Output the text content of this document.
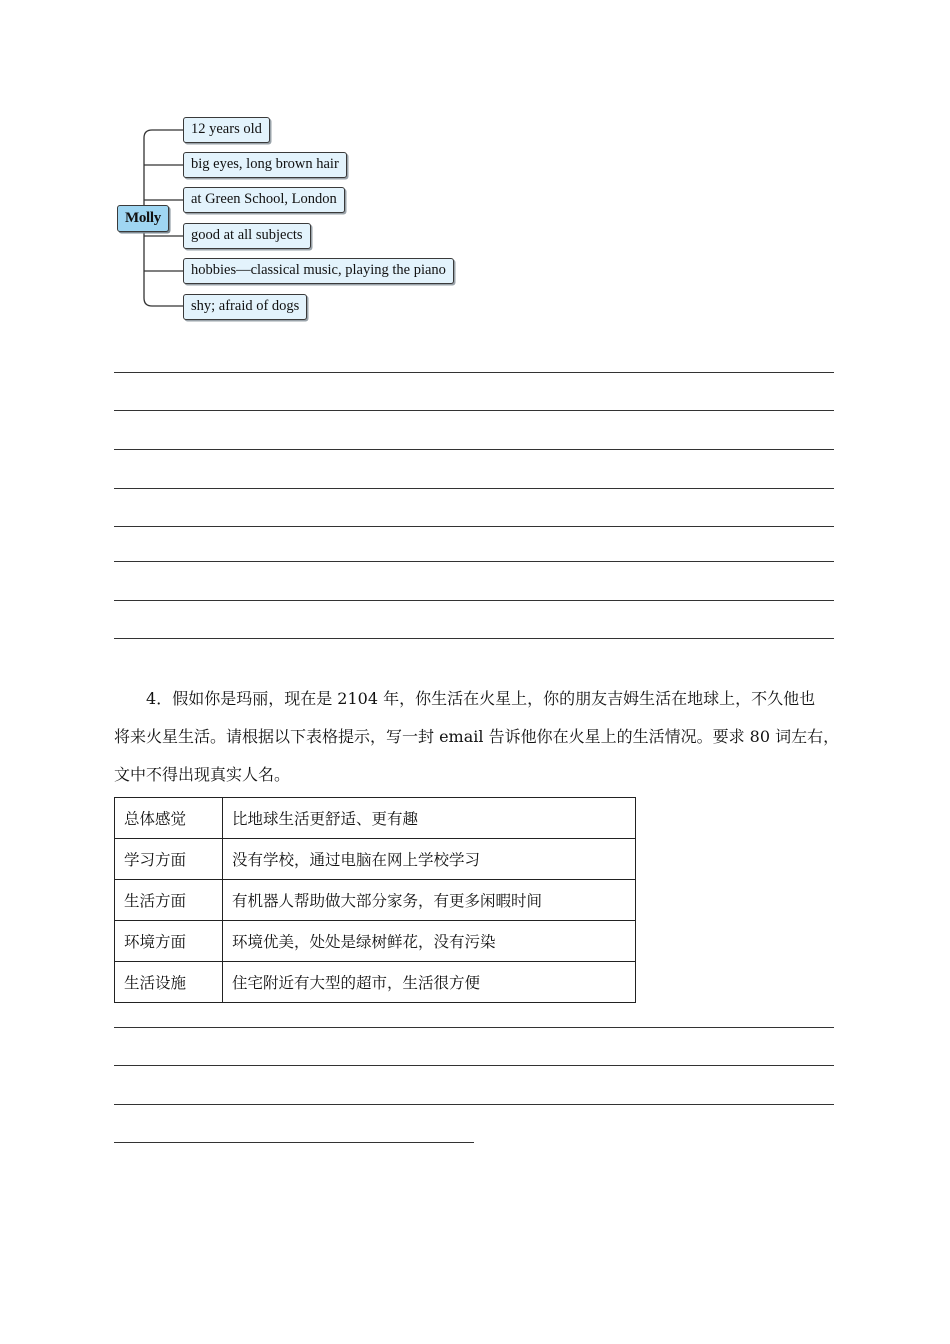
Molly
12 years old
big eyes, long brown hair
at Green School, London
good at all subjects
hobbies—classical music, playing the piano
shy; afraid of dogs
4．假如你是玛丽，现在是 2104 年，你生活在火星上，你的朋友吉姆生活在地球上，不久他也
将来火星生活。请根据以下表格提示，写一封 email 告诉他你在火星上的生活情况。要求 80 词左右，
文中不得出现真实人名。
总体感觉	比地球生活更舒适、更有趣
学习方面	没有学校，通过电脑在网上学校学习
生活方面	有机器人帮助做大部分家务，有更多闲暇时间
环境方面	环境优美，处处是绿树鲜花，没有污染
生活设施	住宅附近有大型的超市，生活很方便
